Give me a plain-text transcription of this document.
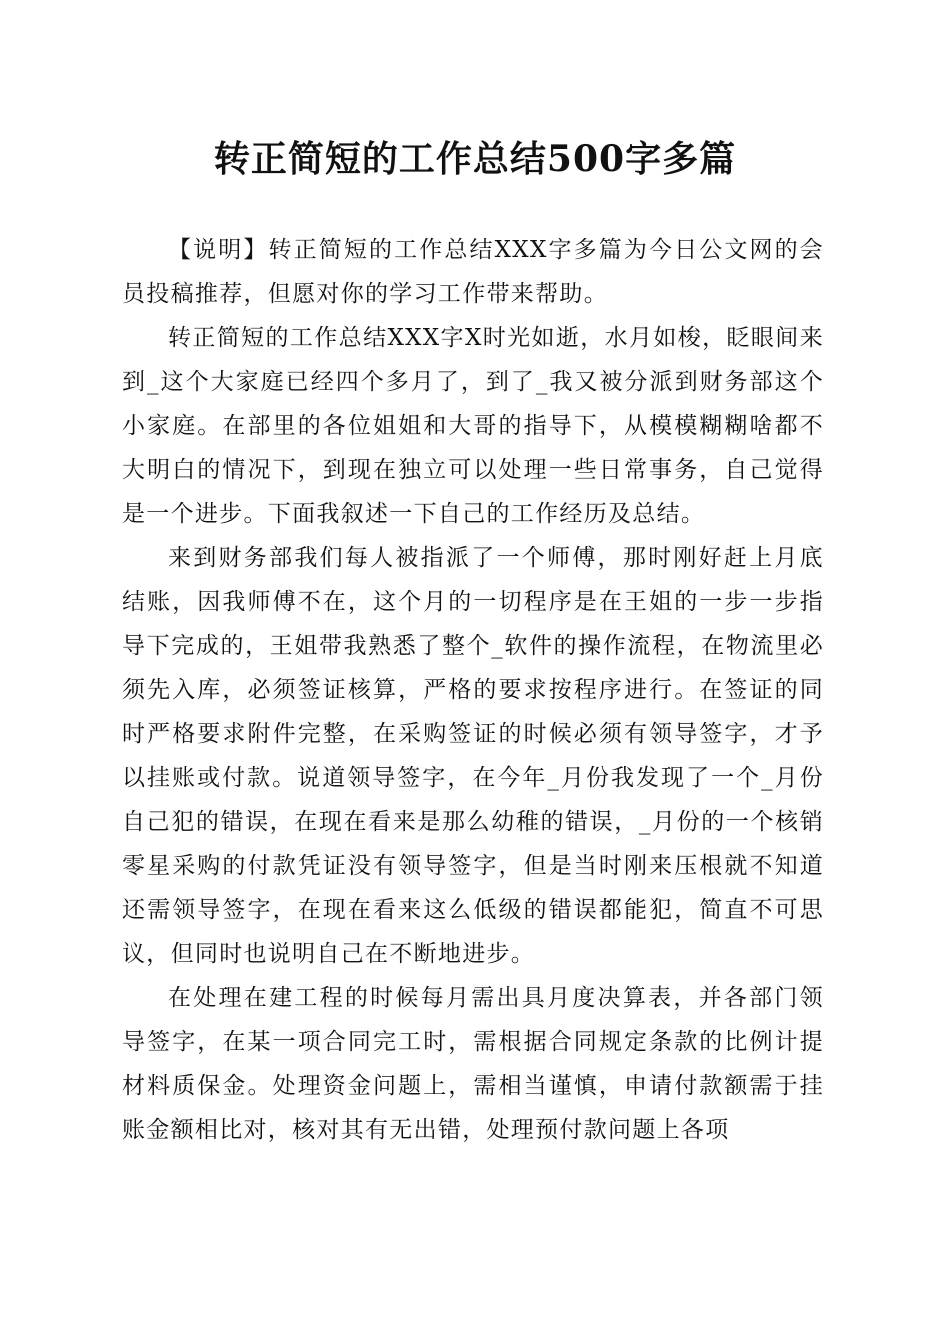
转正简短的工作总结500字多篇

【说明】转正简短的工作总结XXX字多篇为今日公文网的会员投稿推荐，但愿对你的学习工作带来帮助。

转正简短的工作总结XXX字X时光如逝，水月如梭，眨眼间来到_这个大家庭已经四个多月了，到了_我又被分派到财务部这个小家庭。在部里的各位姐姐和大哥的指导下，从模模糊糊啥都不大明白的情况下，到现在独立可以处理一些日常事务，自己觉得是一个进步。下面我叙述一下自己的工作经历及总结。

来到财务部我们每人被指派了一个师傅，那时刚好赶上月底结账，因我师傅不在，这个月的一切程序是在王姐的一步一步指导下完成的，王姐带我熟悉了整个_软件的操作流程，在物流里必须先入库，必须签证核算，严格的要求按程序进行。在签证的同时严格要求附件完整，在采购签证的时候必须有领导签字，才予以挂账或付款。说道领导签字，在今年_月份我发现了一个_月份自己犯的错误，在现在看来是那么幼稚的错误，_月份的一个核销零星采购的付款凭证没有领导签字，但是当时刚来压根就不知道还需领导签字，在现在看来这么低级的错误都能犯，简直不可思议，但同时也说明自己在不断地进步。

在处理在建工程的时候每月需出具月度决算表，并各部门领导签字，在某一项合同完工时，需根据合同规定条款的比例计提材料质保金。处理资金问题上，需相当谨慎，申请付款额需于挂账金额相比对，核对其有无出错，处理预付款问题上各项
